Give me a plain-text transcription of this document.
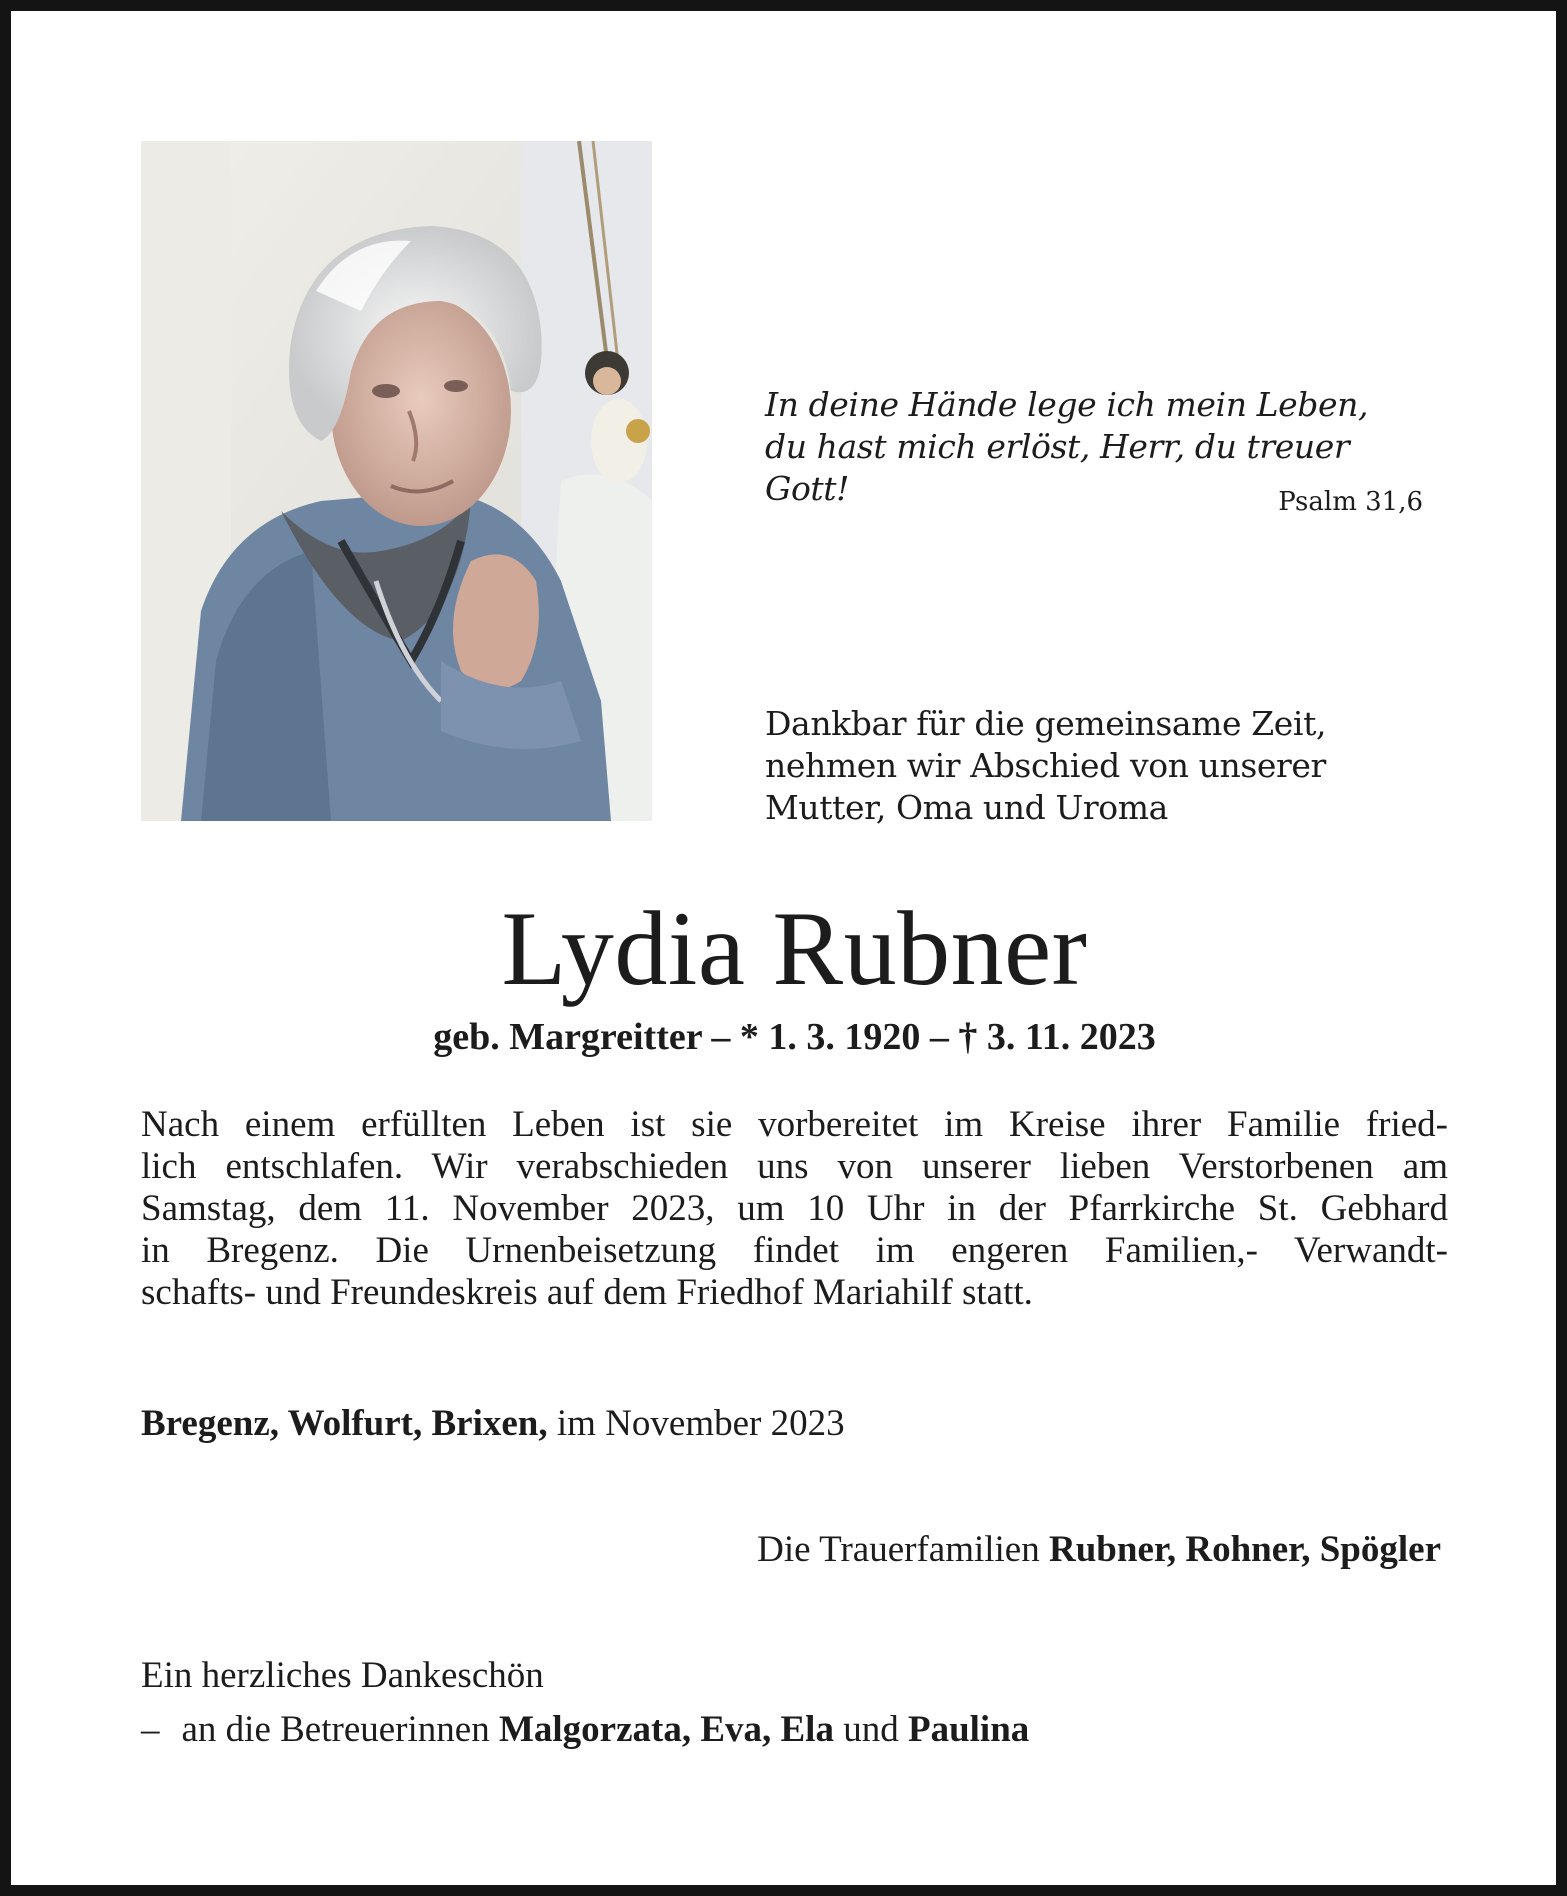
In deine Hände lege ich mein Leben,
du hast mich erlöst, Herr, du treuer Gott!	Psalm 31,6
Dankbar für die gemeinsame Zeit,
nehmen wir Abschied von unserer
Mutter, Oma und Uroma
Lydia Rubner
geb. Margreitter – * 1. 3. 1920 – † 3. 11. 2023
Nach einem erfüllten Leben ist sie vorbereitet im Kreise ihrer Familie fried-
lich entschlafen. Wir verabschieden uns von unserer lieben Verstorbenen am
Samstag, dem 11. November 2023, um 10 Uhr in der Pfarrkirche St. Gebhard
in Bregenz. Die Urnenbeisetzung findet im engeren Familien,- Verwandt-
schafts- und Freundeskreis auf dem Friedhof Mariahilf statt.
Bregenz, Wolfurt, Brixen, im November 2023
Die Trauerfamilien Rubner, Rohner, Spögler
Ein herzliches Dankeschön
– an die Betreuerinnen Malgorzata, Eva, Ela und Paulina
